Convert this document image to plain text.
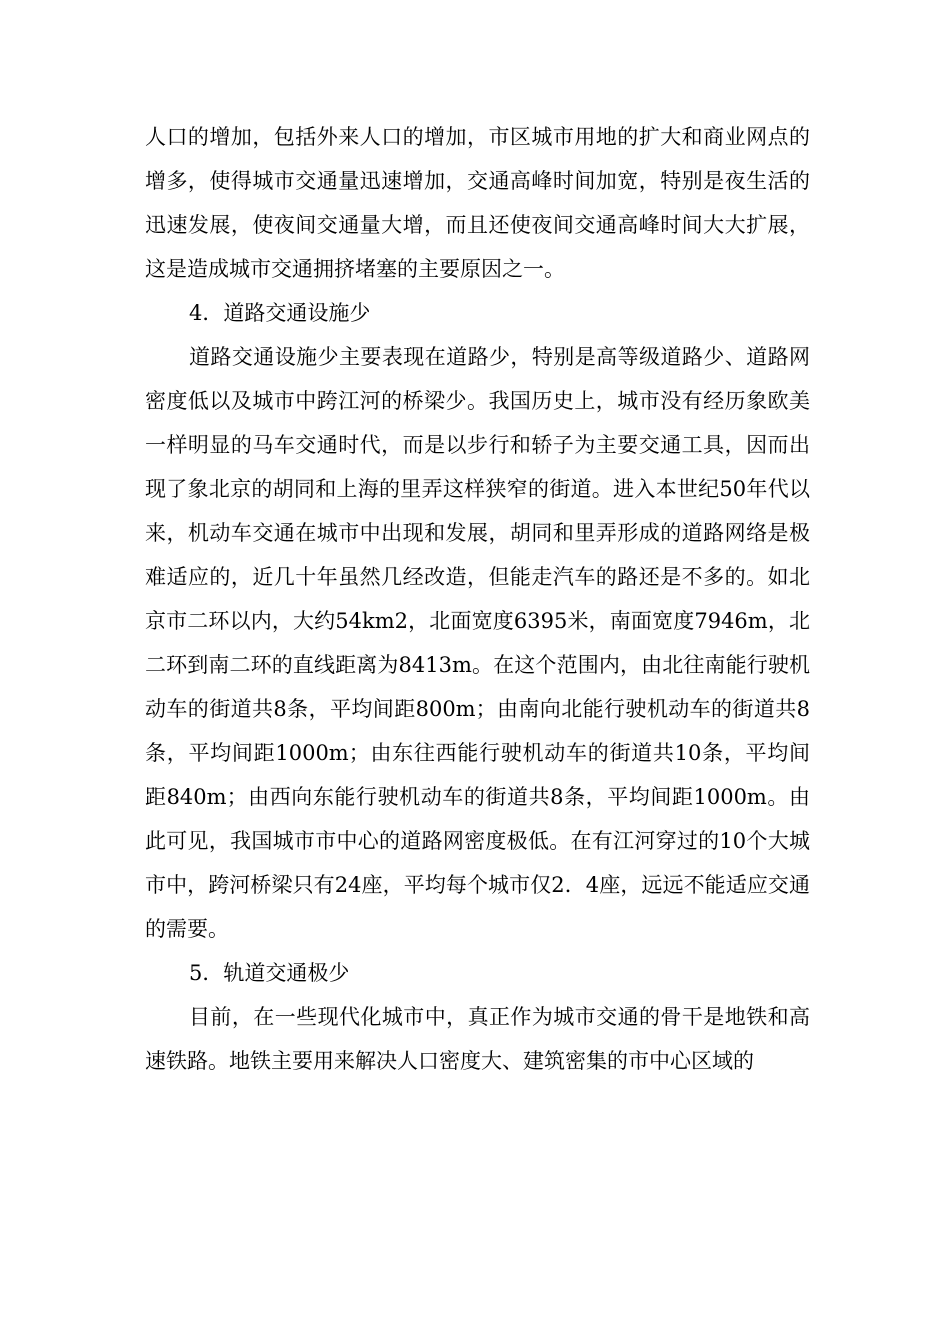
人口的增加，包括外来人口的增加，市区城市用地的扩大和商业网点的增多，使得城市交通量迅速增加，交通高峰时间加宽，特别是夜生活的迅速发展，使夜间交通量大增，而且还使夜间交通高峰时间大大扩展，这是造成城市交通拥挤堵塞的主要原因之一。

4．道路交通设施少

道路交通设施少主要表现在道路少，特别是高等级道路少、道路网密度低以及城市中跨江河的桥梁少。我国历史上，城市没有经历象欧美一样明显的马车交通时代，而是以步行和轿子为主要交通工具，因而出现了象北京的胡同和上海的里弄这样狭窄的街道。进入本世纪50年代以来，机动车交通在城市中出现和发展，胡同和里弄形成的道路网络是极难适应的，近几十年虽然几经改造，但能走汽车的路还是不多的。如北京市二环以内，大约54km2，北面宽度6395米，南面宽度7946m，北二环到南二环的直线距离为8413m。在这个范围内，由北往南能行驶机动车的街道共8条，平均间距800m；由南向北能行驶机动车的街道共8条，平均间距1000m；由东往西能行驶机动车的街道共10条，平均间距840m；由西向东能行驶机动车的街道共8条，平均间距1000m。由此可见，我国城市市中心的道路网密度极低。在有江河穿过的10个大城市中，跨河桥梁只有24座，平均每个城市仅2．4座，远远不能适应交通的需要。

5．轨道交通极少

目前，在一些现代化城市中，真正作为城市交通的骨干是地铁和高速铁路。地铁主要用来解决人口密度大、建筑密集的市中心区域的
